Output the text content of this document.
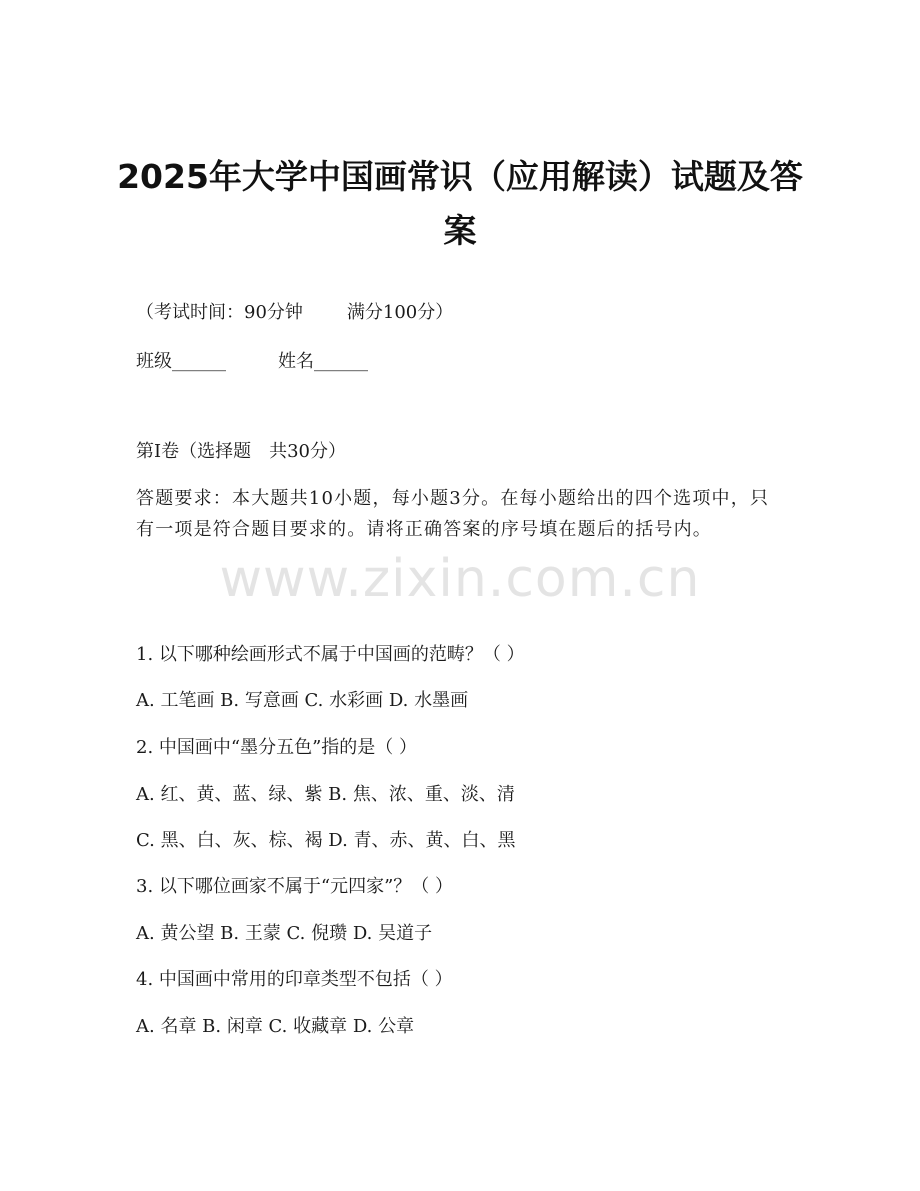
2025年大学中国画常识（应用解读）试题及答案

（考试时间：90分钟 满分100分）

班级______	姓名______

第I卷（选择题　共30分）

答题要求：本大题共10小题，每小题3分。在每小题给出的四个选项中，只有一项是符合题目要求的。请将正确答案的序号填在题后的括号内。

1. 以下哪种绘画形式不属于中国画的范畴？（ ）

A. 工笔画 B. 写意画 C. 水彩画 D. 水墨画

2. 中国画中“墨分五色”指的是（ ）

A. 红、黄、蓝、绿、紫 B. 焦、浓、重、淡、清

C. 黑、白、灰、棕、褐 D. 青、赤、黄、白、黑

3. 以下哪位画家不属于“元四家”？（ ）

A. 黄公望 B. 王蒙 C. 倪瓒 D. 吴道子

4. 中国画中常用的印章类型不包括（ ）

A. 名章 B. 闲章 C. 收藏章 D. 公章

www.zixin.com.cn
